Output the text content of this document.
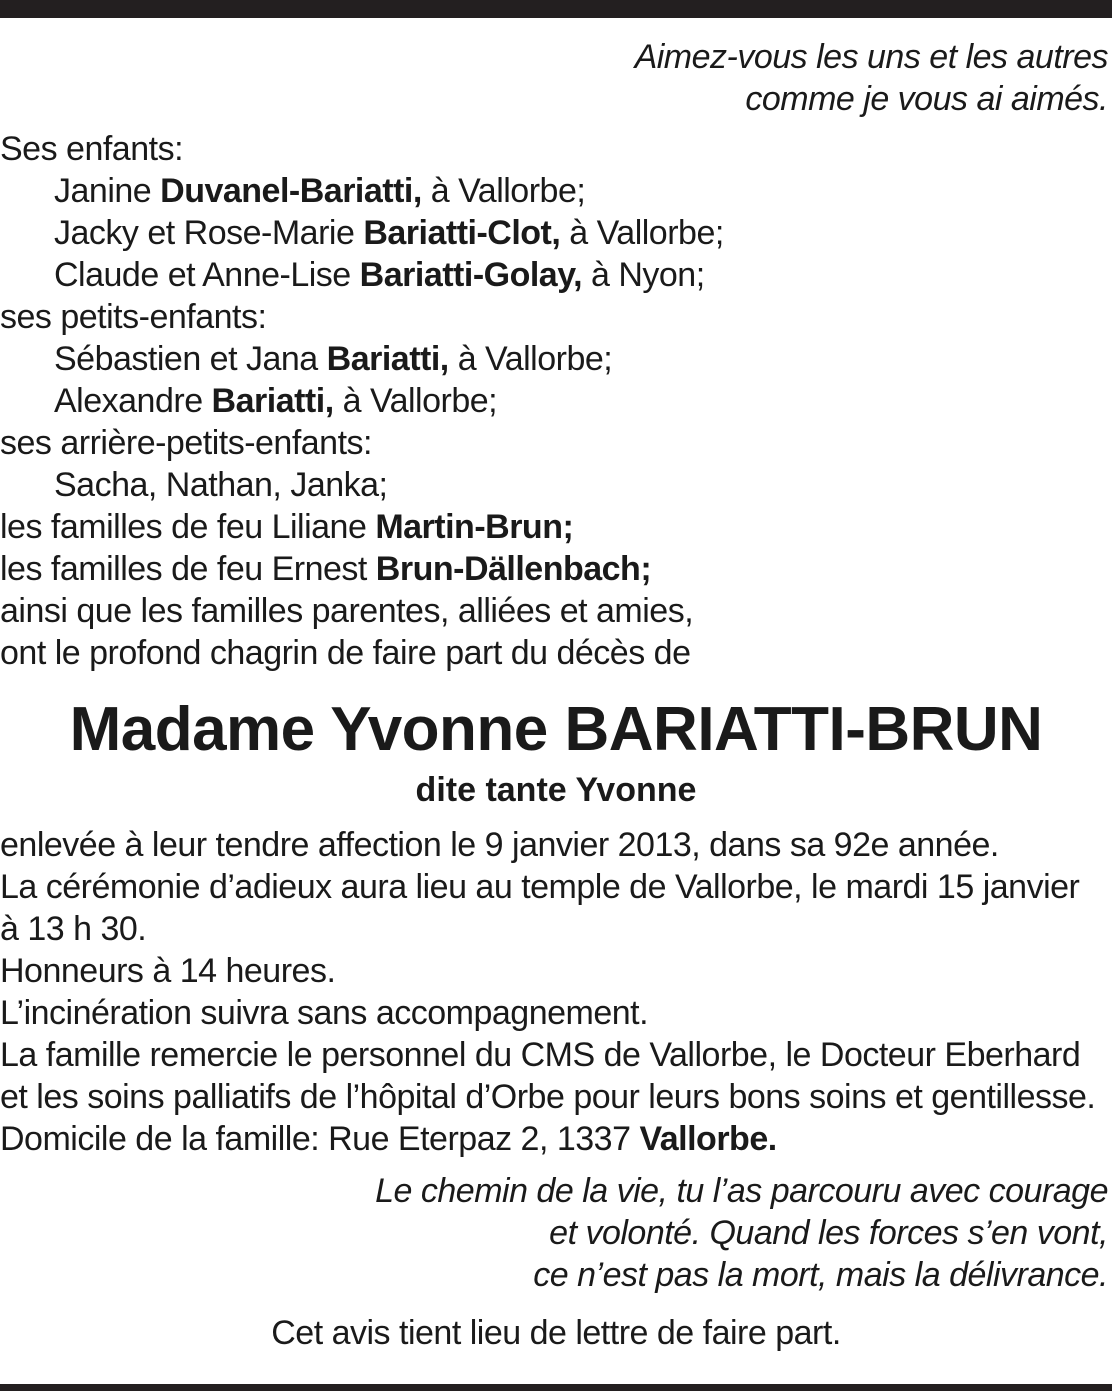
Aimez-vous les uns et les autres
comme je vous ai aimés.
Ses enfants:
Janine Duvanel-Bariatti, à Vallorbe;
Jacky et Rose-Marie Bariatti-Clot, à Vallorbe;
Claude et Anne-Lise Bariatti-Golay, à Nyon;
ses petits-enfants:
Sébastien et Jana Bariatti, à Vallorbe;
Alexandre Bariatti, à Vallorbe;
ses arrière-petits-enfants:
Sacha, Nathan, Janka;
les familles de feu Liliane Martin-Brun;
les familles de feu Ernest Brun-Dällenbach;
ainsi que les familles parentes, alliées et amies,
ont le profond chagrin de faire part du décès de
Madame Yvonne BARIATTI-BRUN
dite tante Yvonne
enlevée à leur tendre affection le 9 janvier 2013, dans sa 92e année.
La cérémonie d’adieux aura lieu au temple de Vallorbe, le mardi 15 janvier
à 13 h 30.
Honneurs à 14 heures.
L’incinération suivra sans accompagnement.
La famille remercie le personnel du CMS de Vallorbe, le Docteur Eberhard
et les soins palliatifs de l’hôpital d’Orbe pour leurs bons soins et gentillesse.
Domicile de la famille: Rue Eterpaz 2, 1337 Vallorbe.
Le chemin de la vie, tu l’as parcouru avec courage
et volonté. Quand les forces s’en vont,
ce n’est pas la mort, mais la délivrance.
Cet avis tient lieu de lettre de faire part.
